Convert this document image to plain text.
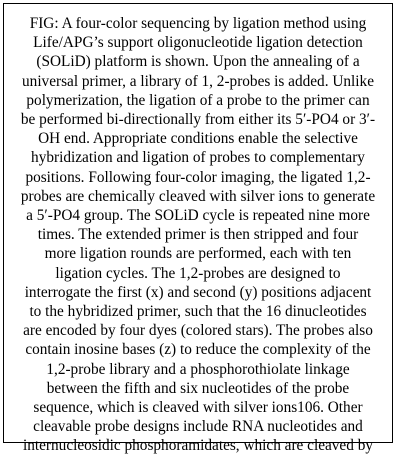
FIG: A four-color sequencing by ligation method using
Life/APG’s support oligonucleotide ligation detection
(SOLiD) platform is shown. Upon the annealing of a
universal primer, a library of 1, 2-probes is added. Unlike
polymerization, the ligation of a probe to the primer can
be performed bi-directionally from either its 5′-PO4 or 3′-
OH end. Appropriate conditions enable the selective
hybridization and ligation of probes to complementary
positions. Following four-color imaging, the ligated 1,2-
probes are chemically cleaved with silver ions to generate
a 5′-PO4 group. The SOLiD cycle is repeated nine more
times. The extended primer is then stripped and four
more ligation rounds are performed, each with ten
ligation cycles. The 1,2-probes are designed to
interrogate the first (x) and second (y) positions adjacent
to the hybridized primer, such that the 16 dinucleotides
are encoded by four dyes (colored stars). The probes also
contain inosine bases (z) to reduce the complexity of the
1,2-probe library and a phosphorothiolate linkage
between the fifth and six nucleotides of the probe
sequence, which is cleaved with silver ions106. Other
cleavable probe designs include RNA nucleotides and
internucleosidic phosphoramidates, which are cleaved by
